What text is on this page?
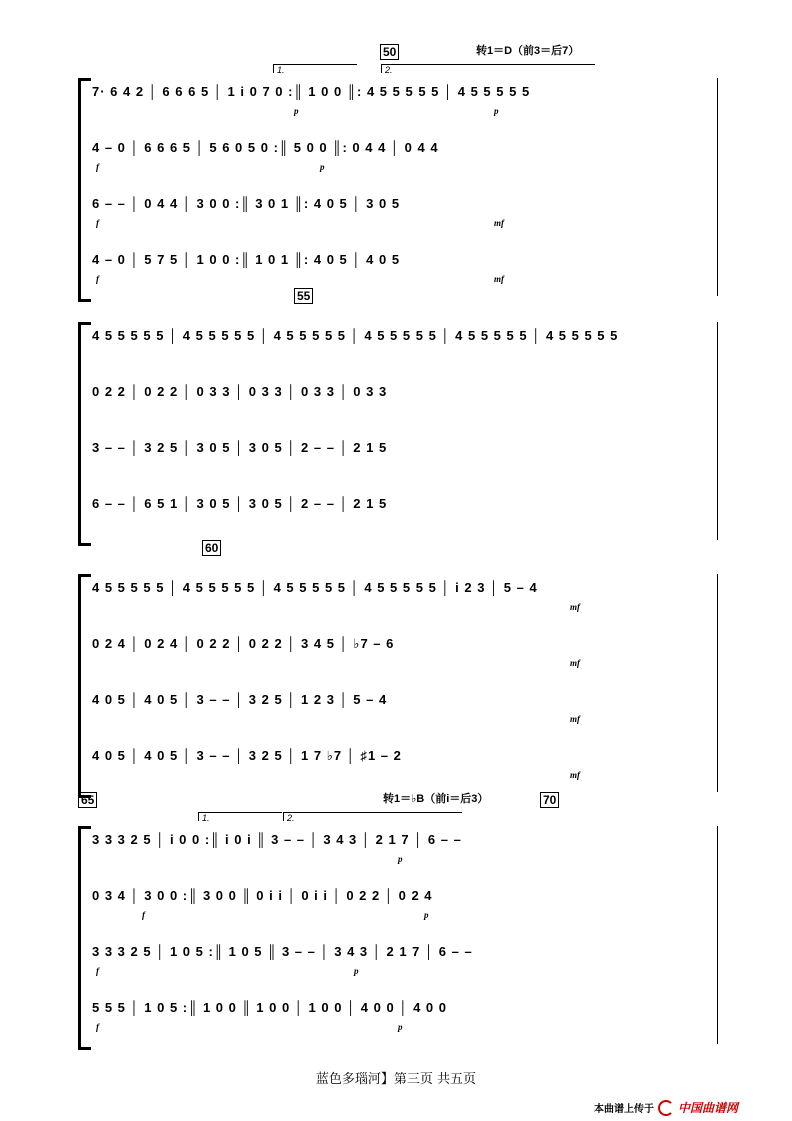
50	转1＝D（前3＝后7）
1.	2.
7· 6 4 2 │ 6 6 6 5 │ 1 i 0 7 0 :║ 1 0 0 ║: 4 5 5 5 5 5 │ 4 5 5 5 5 5
p	p
4 – 0 │ 6 6 6 5 │ 5 6 0 5 0 :║ 5 0 0 ║: 0 4 4 │ 0 4 4
f	p
6 – – │ 0 4 4 │ 3 0 0 :║ 3 0 1 ║: 4 0 5 │ 3 0 5
f	mf
4 – 0 │ 5 7 5 │ 1 0 0 :║ 1 0 1 ║: 4 0 5 │ 4 0 5
f	mf
55
4 5 5 5 5 5 │ 4 5 5 5 5 5 │ 4 5 5 5 5 5 │ 4 5 5 5 5 5 │ 4 5 5 5 5 5 │ 4 5 5 5 5 5
0 2 2 │ 0 2 2 │ 0 3 3 │ 0 3 3 │ 0 3 3 │ 0 3 3
3 – – │ 3 2 5 │ 3 0 5 │ 3 0 5 │ 2 – – │ 2 1 5
6 – – │ 6 5 1 │ 3 0 5 │ 3 0 5 │ 2 – – │ 2 1 5
60
4 5 5 5 5 5 │ 4 5 5 5 5 5 │ 4 5 5 5 5 5 │ 4 5 5 5 5 5 │ i 2 3 │ 5 – 4
mf
0 2 4 │ 0 2 4 │ 0 2 2 │ 0 2 2 │ 3 4 5 │ ♭7 – 6
mf
4 0 5 │ 4 0 5 │ 3 – – │ 3 2 5 │ 1 2 3 │ 5 – 4
mf
4 0 5 │ 4 0 5 │ 3 – – │ 3 2 5 │ 1 7 ♭7 │ ♯1 – 2
mf
65	70
转1＝♭B（前i＝后3）
1.	2.
3 3 3 2 5 │ i 0 0 :║ i 0 i ║ 3 – – │ 3 4 3 │ 2 1 7 │ 6 – –
p
0 3 4 │ 3 0 0 :║ 3 0 0 ║ 0 i i │ 0 i i │ 0 2 2 │ 0 2 4
f	p
3 3 3 2 5 │ 1 0 5 :║ 1 0 5 ║ 3 – – │ 3 4 3 │ 2 1 7 │ 6 – –
f	p
5 5 5 │ 1 0 5 :║ 1 0 0 ║ 1 0 0 │ 1 0 0 │ 4 0 0 │ 4 0 0
f	p
蓝色多瑙河】第三页 共五页
本曲谱上传于 中国曲谱网
